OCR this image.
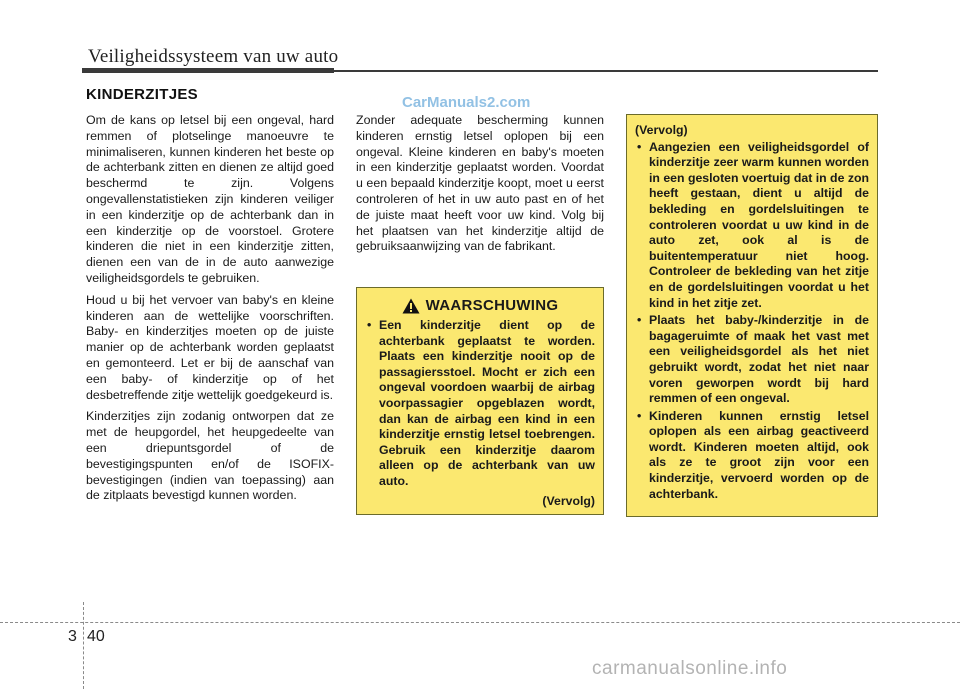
Veiligheidssysteem van uw auto
KINDERZITJES	CarManuals2.com

Om de kans op letsel bij een ongeval, hard remmen of plotselinge manoeuvre te minimaliseren, kunnen kinderen het beste op de achterbank zitten en dienen ze altijd goed beschermd te zijn. Volgens ongevallenstatistieken zijn kinderen veiliger in een kinderzitje op de achterbank dan in een kinderzitje op de voorstoel. Grotere kinderen die niet in een kinderzitje zitten, dienen een van de in de auto aanwezige veiligheidsgordels te gebruiken.

Houd u bij het vervoer van baby's en kleine kinderen aan de wettelijke voorschriften. Baby- en kinderzitjes moeten op de juiste manier op de achterbank worden geplaatst en gemonteerd. Let er bij de aanschaf van een baby- of kinderzitje op of het desbetreffende zitje wettelijk goedgekeurd is.

Kinderzitjes zijn zodanig ontworpen dat ze met de heupgordel, het heupgedeelte van een driepuntsgordel of de bevestigingspunten en/of de ISOFIX-bevestigingen (indien van toepassing) aan de zitplaats bevestigd kunnen worden.

Zonder adequate bescherming kunnen kinderen ernstig letsel oplopen bij een ongeval. Kleine kinderen en baby's moeten in een kinderzitje geplaatst worden. Voordat u een bepaald kinderzitje koopt, moet u eerst controleren of het in uw auto past en of het de juiste maat heeft voor uw kind. Volg bij het plaatsen van het kinderzitje altijd de gebruiksaanwijzing van de fabrikant.

WAARSCHUWING
• Een kinderzitje dient op de achterbank geplaatst te worden. Plaats een kinderzitje nooit op de passagiersstoel. Mocht er zich een ongeval voordoen waarbij de airbag voorpassagier opgeblazen wordt, dan kan de airbag een kind in een kinderzitje ernstig letsel toebrengen. Gebruik een kinderzitje daarom alleen op de achterbank van uw auto.
(Vervolg)
(Vervolg)
• Aangezien een veiligheidsgordel of kinderzitje zeer warm kunnen worden in een gesloten voertuig dat in de zon heeft gestaan, dient u altijd de bekleding en gordelsluitingen te controleren voordat u uw kind in de auto zet, ook al is de buitentemperatuur niet hoog. Controleer de bekleding van het zitje en de gordelsluitingen voordat u het kind in het zitje zet.
• Plaats het baby-/kinderzitje in de bagageruimte of maak het vast met een veiligheidsgordel als het niet gebruikt wordt, zodat het niet naar voren geworpen wordt bij hard remmen of een ongeval.
• Kinderen kunnen ernstig letsel oplopen als een airbag geactiveerd wordt. Kinderen moeten altijd, ook als ze te groot zijn voor een kinderzitje, vervoerd worden op de achterbank.
3 40
carmanualsonline.info
